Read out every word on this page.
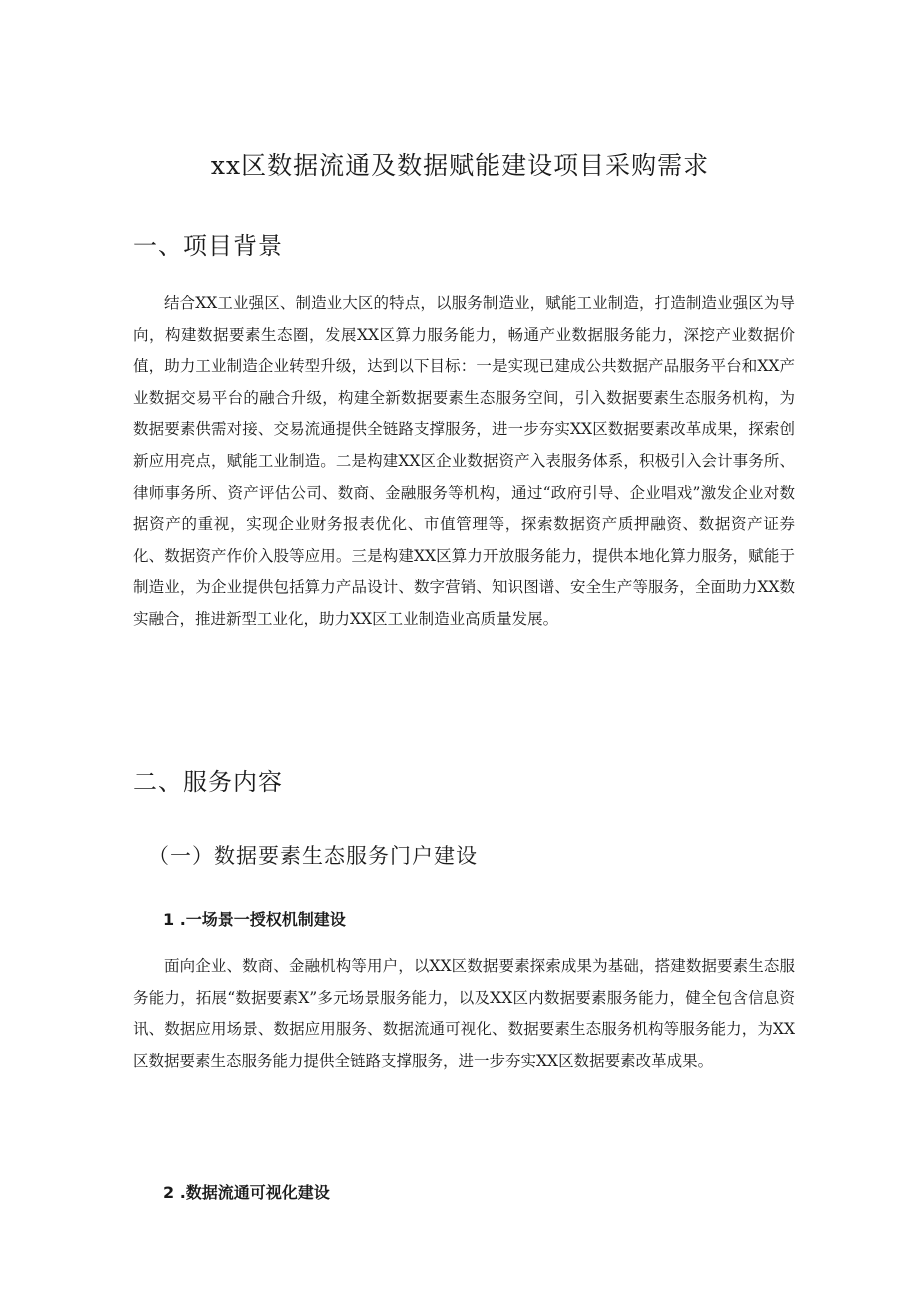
xx区数据流通及数据赋能建设项目采购需求
一、项目背景

结合XX工业强区、制造业大区的特点，以服务制造业，赋能工业制造，打造制造业强区为导向，构建数据要素生态圈，发展XX区算力服务能力，畅通产业数据服务能力，深挖产业数据价值，助力工业制造企业转型升级，达到以下目标：一是实现已建成公共数据产品服务平台和XX产业数据交易平台的融合升级，构建全新数据要素生态服务空间，引入数据要素生态服务机构，为数据要素供需对接、交易流通提供全链路支撑服务，进一步夯实XX区数据要素改革成果，探索创新应用亮点，赋能工业制造。二是构建XX区企业数据资产入表服务体系，积极引入会计事务所、律师事务所、资产评估公司、数商、金融服务等机构，通过“政府引导、企业唱戏”激发企业对数据资产的重视，实现企业财务报表优化、市值管理等，探索数据资产质押融资、数据资产证券化、数据资产作价入股等应用。三是构建XX区算力开放服务能力，提供本地化算力服务，赋能于制造业，为企业提供包括算力产品设计、数字营销、知识图谱、安全生产等服务，全面助力XX数实融合，推进新型工业化，助力XX区工业制造业高质量发展。

二、服务内容
（一）数据要素生态服务门户建设
1 .一场景一授权机制建设

面向企业、数商、金融机构等用户，以XX区数据要素探索成果为基础，搭建数据要素生态服务能力，拓展“数据要素X”多元场景服务能力，以及XX区内数据要素服务能力，健全包含信息资讯、数据应用场景、数据应用服务、数据流通可视化、数据要素生态服务机构等服务能力，为XX区数据要素生态服务能力提供全链路支撑服务，进一步夯实XX区数据要素改革成果。

2 .数据流通可视化建设
